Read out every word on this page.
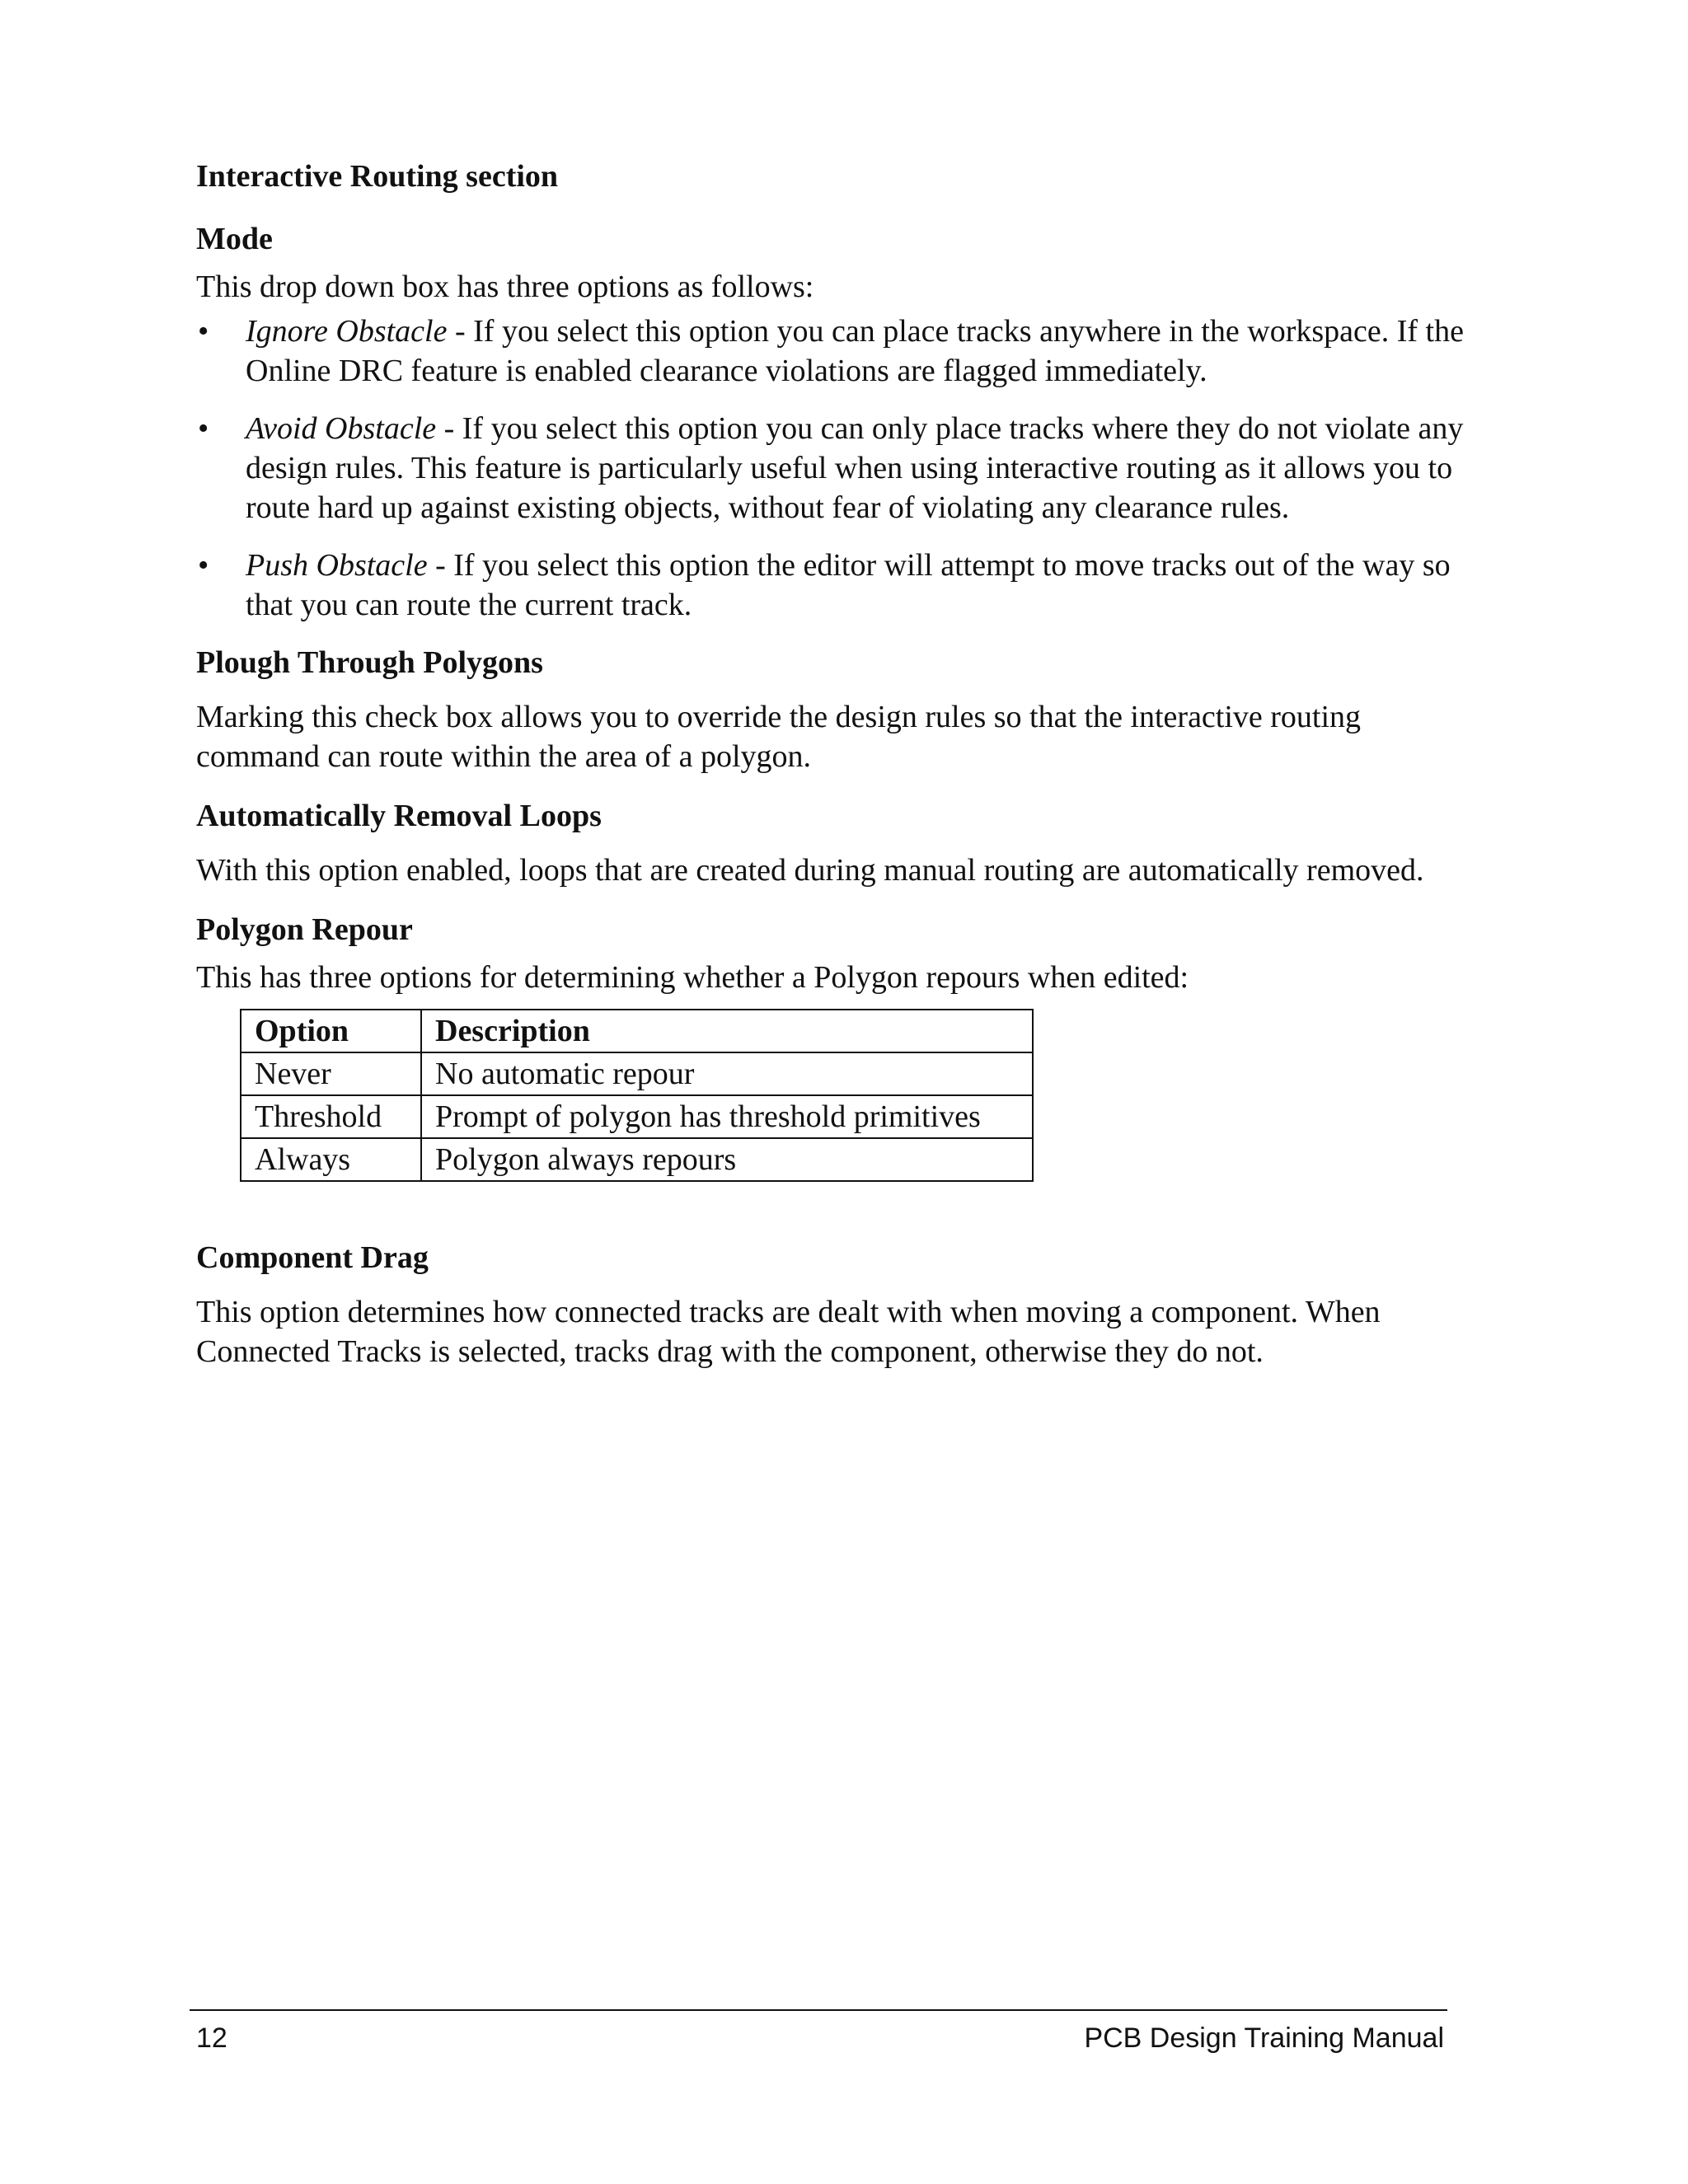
Interactive Routing section
Mode

This drop down box has three options as follows:

• Ignore Obstacle - If you select this option you can place tracks anywhere in the workspace. If the Online DRC feature is enabled clearance violations are flagged immediately.
• Avoid Obstacle - If you select this option you can only place tracks where they do not violate any design rules. This feature is particularly useful when using interactive routing as it allows you to route hard up against existing objects, without fear of violating any clearance rules.
• Push Obstacle - If you select this option the editor will attempt to move tracks out of the way so that you can route the current track.
Plough Through Polygons

Marking this check box allows you to override the design rules so that the interactive routing command can route within the area of a polygon.

Automatically Removal Loops

With this option enabled, loops that are created during manual routing are automatically removed.

Polygon Repour

This has three options for determining whether a Polygon repours when edited:

Option	Description
Never	No automatic repour
Threshold	Prompt of polygon has threshold primitives
Always	Polygon always repours
Component Drag

This option determines how connected tracks are dealt with when moving a component. When Connected Tracks is selected, tracks drag with the component, otherwise they do not.

12	PCB Design Training Manual
